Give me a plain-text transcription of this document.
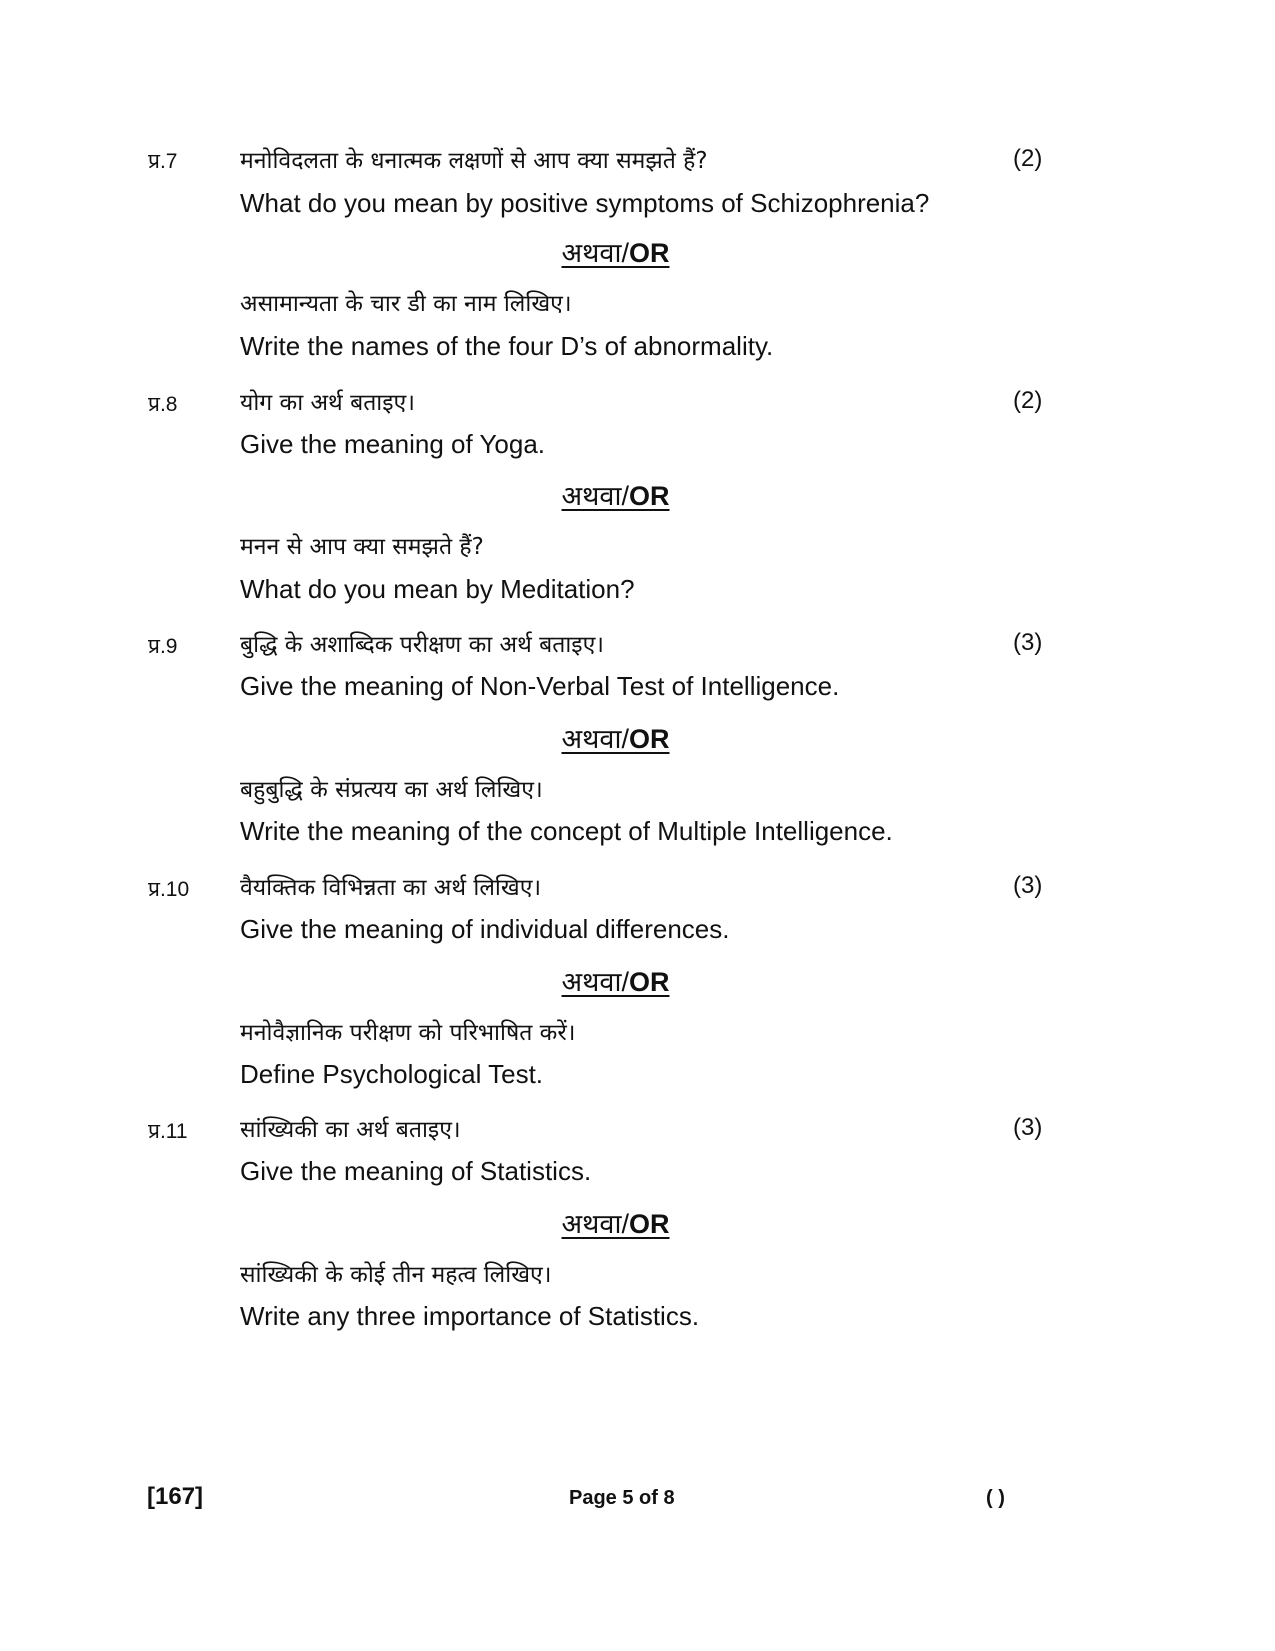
प्र.7	मनोविदलता के धनात्मक लक्षणों से आप क्या समझते हैं?	(2)
What do you mean by positive symptoms of Schizophrenia?
अथवा/OR
असामान्यता के चार डी का नाम लिखिए।
Write the names of the four D’s of abnormality.
प्र.8	योग का अर्थ बताइए।	(2)
Give the meaning of Yoga.
अथवा/OR
मनन से आप क्या समझते हैं?
What do you mean by Meditation?
प्र.9	बुद्धि के अशाब्दिक परीक्षण का अर्थ बताइए।	(3)
Give the meaning of Non-Verbal Test of Intelligence.
अथवा/OR
बहुबुद्धि के संप्रत्यय का अर्थ लिखिए।
Write the meaning of the concept of Multiple Intelligence.
प्र.10 वैयक्तिक विभिन्नता का अर्थ लिखिए।	(3)
Give the meaning of individual differences.
अथवा/OR
मनोवैज्ञानिक परीक्षण को परिभाषित करें।
Define Psychological Test.
प्र.11 सांख्यिकी का अर्थ बताइए।	(3)
Give the meaning of Statistics.
अथवा/OR
सांख्यिकी के कोई तीन महत्व लिखिए।
Write any three importance of Statistics.
[167]	Page 5 of 8	( )
